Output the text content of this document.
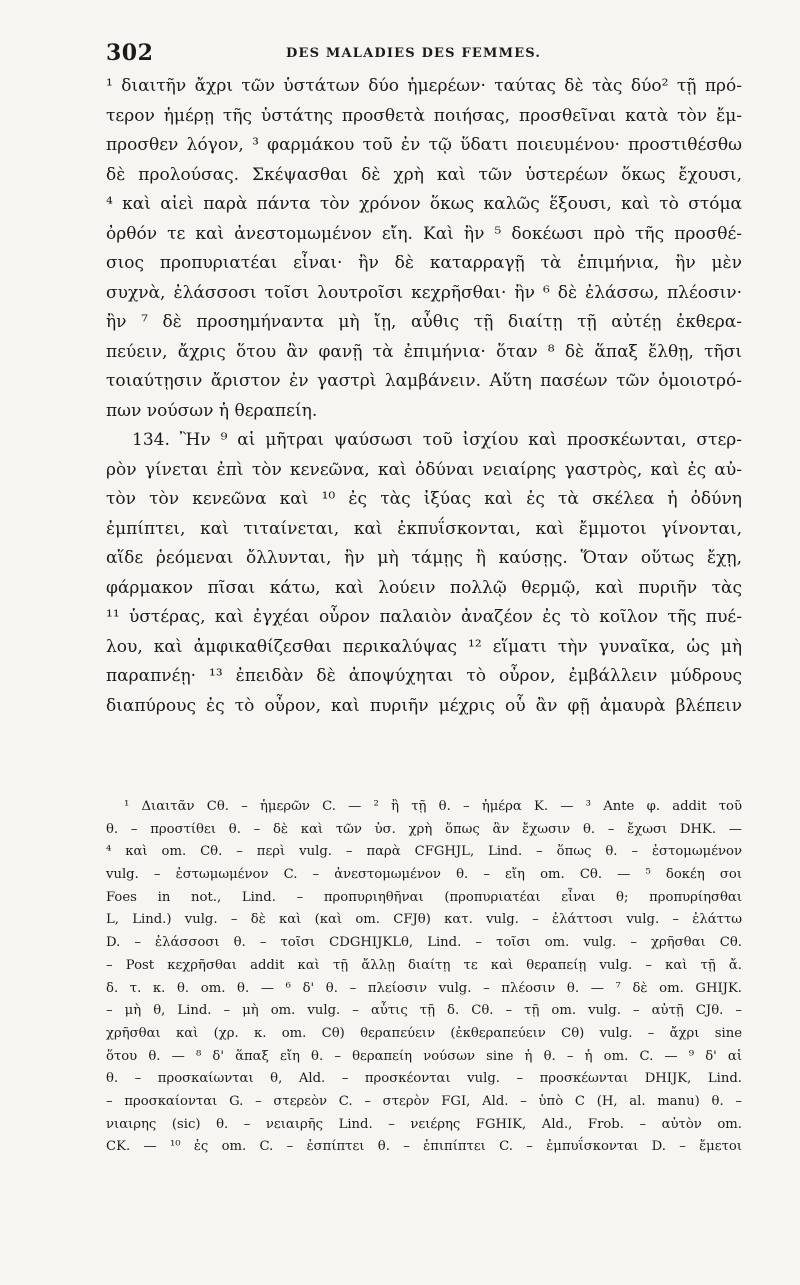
302	DES MALADIES DES FEMMES.
¹ διαιτῆν ἄχρι τῶν ὑστάτων δύο ἡμερέων· ταύτας δὲ τὰς δύο² τῇ πρό-
τερον ἡμέρῃ τῆς ὑστάτης προσθετὰ ποιήσας, προσθεῖναι κατὰ τὸν ἔμ-
προσθεν λόγον, ³ φαρμάκου τοῦ ἐν τῷ ὕδατι ποιευμένου· προστιθέσθω
δὲ προλούσας. Σκέψασθαι δὲ χρὴ καὶ τῶν ὑστερέων ὅκως ἔχουσι,
⁴ καὶ αἰεὶ παρὰ πάντα τὸν χρόνον ὅκως καλῶς ἕξουσι, καὶ τὸ στόμα
ὀρθόν τε καὶ ἀνεστομωμένον εἴη. Καὶ ἢν ⁵ δοκέωσι πρὸ τῆς προσθέ-
σιος προπυριατέαι εἶναι· ἢν δὲ καταρραγῇ τὰ ἐπιμήνια, ἢν μὲν
συχνὰ, ἐλάσσοσι τοῖσι λουτροῖσι κεχρῆσθαι· ἢν ⁶ δὲ ἐλάσσω, πλέοσιν·
ἢν ⁷ δὲ προσημήναντα μὴ ἴῃ, αὖθις τῇ διαίτῃ τῇ αὐτέῃ ἐκθερα-
πεύειν, ἄχρις ὅτου ἂν φανῇ τὰ ἐπιμήνια· ὅταν ⁸ δὲ ἅπαξ ἔλθῃ, τῆσι
τοιαύτῃσιν ἄριστον ἐν γαστρὶ λαμβάνειν. Αὕτη πασέων τῶν ὁμοιοτρό-
πων νούσων ἡ θεραπείη.
134. Ἢν ⁹ αἱ μῆτραι ψαύσωσι τοῦ ἰσχίου καὶ προσκέωνται, στερ-
ρὸν γίνεται ἐπὶ τὸν κενεῶνα, καὶ ὀδύναι νειαίρης γαστρὸς, καὶ ἐς αὐ-
τὸν τὸν κενεῶνα καὶ ¹⁰ ἐς τὰς ἰξύας καὶ ἐς τὰ σκέλεα ἡ ὀδύνη
ἐμπίπτει, καὶ τιταίνεται, καὶ ἐκπυΐσκονται, καὶ ἔμμοτοι γίνονται,
αἵδε ῥεόμεναι ὄλλυνται, ἢν μὴ τάμῃς ἢ καύσῃς. Ὅταν οὕτως ἔχῃ,
φάρμακον πῖσαι κάτω, καὶ λούειν πολλῷ θερμῷ, καὶ πυριῆν τὰς
¹¹ ὑστέρας, καὶ ἐγχέαι οὖρον παλαιὸν ἀναζέον ἐς τὸ κοῖλον τῆς πυέ-
λου, καὶ ἀμφικαθίζεσθαι περικαλύψας ¹² εἵματι τὴν γυναῖκα, ὡς μὴ
παραπνέῃ· ¹³ ἐπειδὰν δὲ ἀποψύχηται τὸ οὖρον, ἐμβάλλειν μύδρους
διαπύρους ἐς τὸ οὖρον, καὶ πυριῆν μέχρις οὗ ἂν φῇ ἀμαυρὰ βλέπειν
¹ Διαιτᾶν Cθ. – ἡμερῶν C. — ² ἢ τῇ θ. – ἡμέρα K. — ³ Ante φ. addit τοῦ
θ. – προστίθει θ. – δὲ καὶ τῶν ὑσ. χρὴ ὅπως ἂν ἔχωσιν θ. – ἔχωσι DHK. —
⁴ καὶ om. Cθ. – περὶ vulg. – παρὰ CFGHJL, Lind. – ὅπως θ. – ἐστομωμένον
vulg. – ἐστωμωμένον C. – ἀνεστομωμένον θ. – εἴη om. Cθ. — ⁵ δοκέη σοι
Foes in not., Lind. – προπυριηθῆναι (προπυριατέαι εἶναι θ; προπυρίησθαι
L, Lind.) vulg. – δὲ καὶ (καὶ om. CFJθ) κατ. vulg. – ἐλάττοσι vulg. – ἐλάττω
D. – ἐλάσσοσι θ. – τοῖσι CDGHIJKLθ, Lind. – τοῖσι om. vulg. – χρῆσθαι Cθ.
– Post κεχρῆσθαι addit καὶ τῇ ἄλλῃ διαίτῃ τε καὶ θεραπείῃ vulg. – καὶ τῇ ἄ.
δ. τ. κ. θ. om. θ. — ⁶ δ' θ. – πλείοσιν vulg. – πλέοσιν θ. — ⁷ δὲ om. GHIJK.
– μὴ θ, Lind. – μὴ om. vulg. – αὖτις τῇ δ. Cθ. – τῇ om. vulg. – αὐτῇ CJθ. –
χρῆσθαι καὶ (χρ. κ. om. Cθ) θεραπεύειν (ἐκθεραπεύειν Cθ) vulg. – ἄχρι sine
ὅτου θ. — ⁸ δ' ἅπαξ εἴη θ. – θεραπείη νούσων sine ἡ θ. – ἡ om. C. — ⁹ δ' αἱ
θ. – προσκαίωνται θ, Ald. – προσκέονται vulg. – προσκέωνται DHIJK, Lind.
– προσκαίονται G. – στερεὸν C. – στερὸν FGI, Ald. – ὑπὸ C (H, al. manu) θ. –
νιαιρης (sic) θ. – νειαιρῆς Lind. – νειέρης FGHIK, Ald., Frob. – αὐτὸν om.
CK. — ¹⁰ ἐς om. C. – ἐσπίπτει θ. – ἐπιπίπτει C. – ἐμπυΐσκονται D. – ἔμετοι
